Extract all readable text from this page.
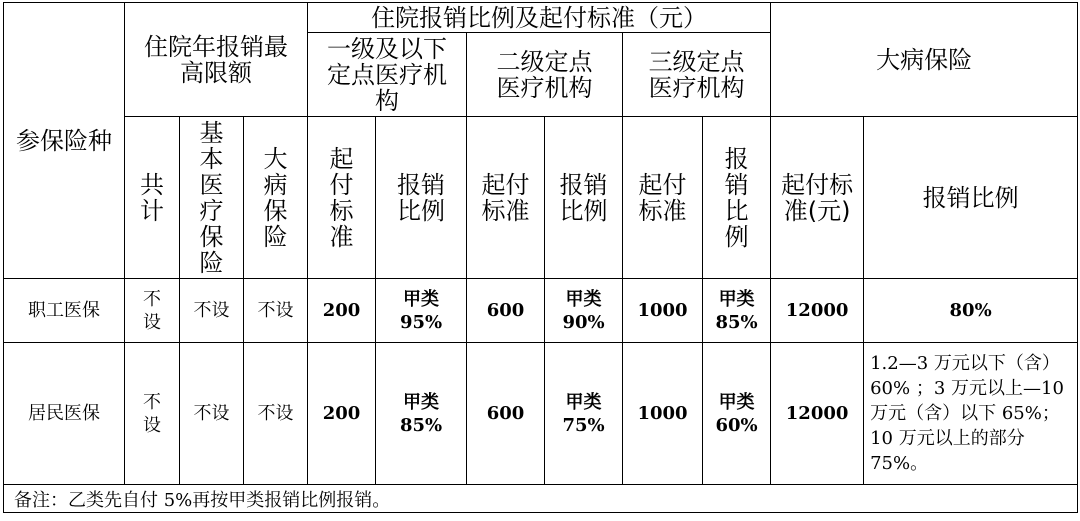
参保险种	住院年报销最高限额			住院报销比例及起付标准（元）						大病保险	

				一级及以下定点医疗机构		二级定点医疗机构		三级定点医疗机构			

	共计	基本医疗保险	大病保险	起付标准	报销比例	起付标准	报销比例	起付标准	报销比例	起付标准(元)	报销比例
职工医保	不设	不设	不设	200	甲类 95%	600	甲类 90%	1000	甲类 85%	12000	80%
居民医保	不设	不设	不设	200	甲类 85%	600	甲类 75%	1000	甲类 60%	12000	1.2—3 万元以下（含）60% ；3 万元以上—10 万元（含）以下 65%；10 万元以上的部分 75%。
备注：乙类先自付 5%再按甲类报销比例报销。											
